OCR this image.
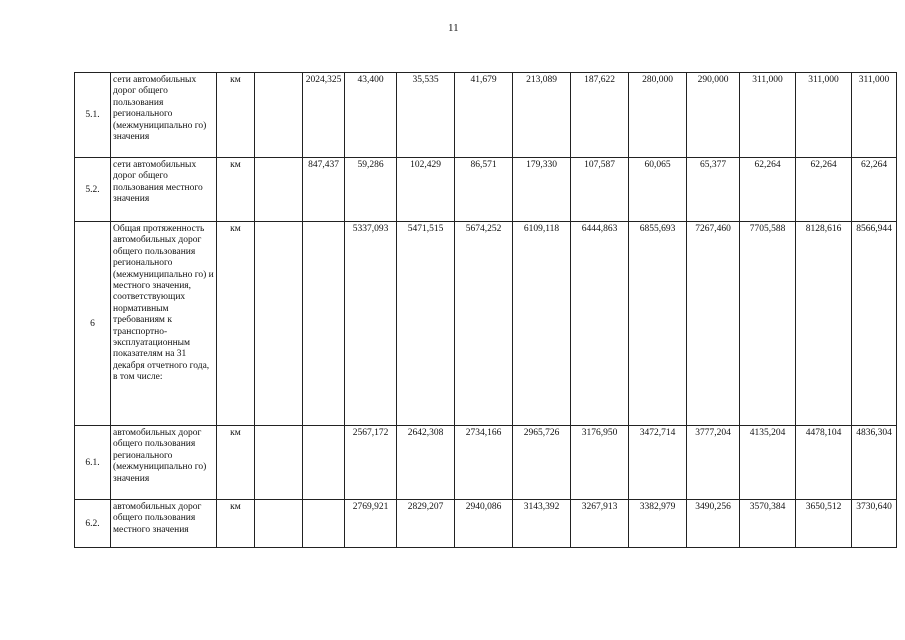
11
5.1.	сети автомобильных дорог общего пользования регионального (межмуниципально го) значения	км		2024,325	43,400	35,535	41,679	213,089	187,622	280,000	290,000	311,000	311,000	311,000
5.2.	сети автомобильных дорог общего пользования местного значения	км		847,437	59,286	102,429	86,571	179,330	107,587	60,065	65,377	62,264	62,264	62,264
6	Общая протяженность автомобильных дорог общего пользования регионального (межмуниципально го) и местного значения, соответствующих нормативным требованиям к транспортно-эксплуатационным показателям на 31 декабря отчетного года, в том числе:	км			5337,093	5471,515	5674,252	6109,118	6444,863	6855,693	7267,460	7705,588	8128,616	8566,944
6.1.	автомобильных дорог общего пользования регионального (межмуниципально го) значения	км			2567,172	2642,308	2734,166	2965,726	3176,950	3472,714	3777,204	4135,204	4478,104	4836,304
6.2.	автомобильных дорог общего пользования местного значения	км			2769,921	2829,207	2940,086	3143,392	3267,913	3382,979	3490,256	3570,384	3650,512	3730,640
